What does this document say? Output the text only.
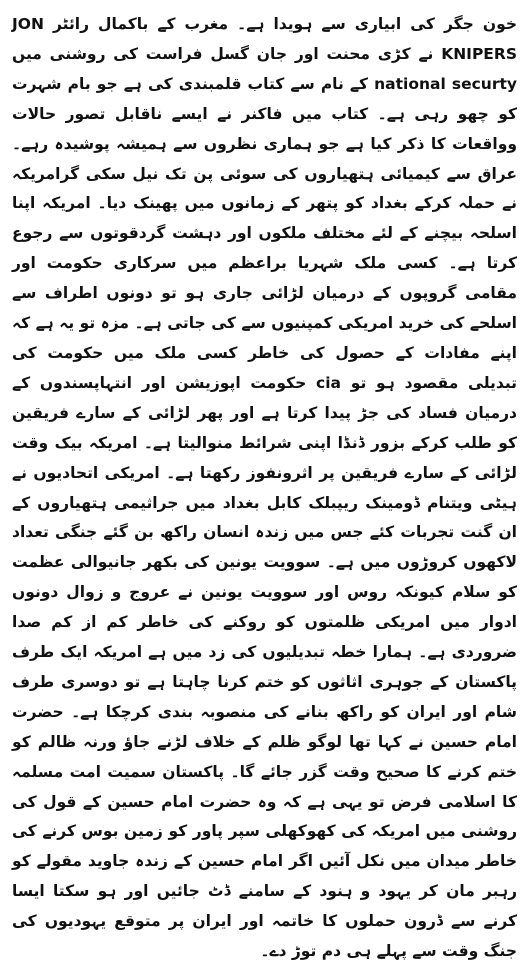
خون جگر کی ابیاری سے ہویدا ہے۔ مغرب کے باکمال رائٹر JON KNIPERS نے کڑی محنت اور جان گسل فراست کی روشنی میں national securty کے نام سے کتاب قلمبندی کی ہے جو بام شہرت کو چھو رہی ہے۔ کتاب میں فاکنر نے ایسے ناقابل تصور حالات وواقعات کا ذکر کیا ہے جو ہماری نظروں سے ہمیشہ پوشیدہ رہے۔ عراق سے کیمیائی ہتھیاروں کی سوئی پن تک نیل سکی گرامریکہ نے حملہ کرکے بغداد کو پتھر کے زمانوں میں پھینک دیا۔ امریکہ اپنا اسلحہ بیچنے کے لئے مختلف ملکوں اور دہشت گردقوتوں سے رجوع کرتا ہے۔ کسی ملک شہریا براعظم میں سرکاری حکومت اور مقامی گروپوں کے درمیان لڑائی جاری ہو تو دونوں اطراف سے اسلحے کی خرید امریکی کمپنیوں سے کی جاتی ہے۔ مزہ تو یہ ہے کہ اپنے مفادات کے حصول کی خاطر کسی ملک میں حکومت کی تبدیلی مقصود ہو تو cia حکومت اپوزیشن اور انتہاپسندوں کے درمیان فساد کی جڑ پیدا کرتا ہے اور پھر لڑائی کے سارے فریقین کو طلب کرکے بزور ڈنڈا اپنی شرائط منوالیتا ہے۔ امریکہ بیک وقت لڑائی کے سارے فریقین پر اثرونفوز رکھتا ہے۔ امریکی اتحادیوں نے ہیٹی ویتنام ڈومینک ریپبلک کابل بغداد میں جراثیمی ہتھیاروں کے ان گنت تجربات کئے جس میں زندہ انسان راکھ بن گئے جنگی تعداد لاکھوں کروڑوں میں ہے۔ سوویت یونین کی بکھر جانیوالی عظمت کو سلام کیونکہ روس اور سوویت یونین نے عروج و زوال دونوں ادوار میں امریکی ظلمتوں کو روکنے کی خاطر کم از کم صدا ضروردی ہے۔ ہمارا خطہ تبدیلیوں کی زد میں ہے امریکہ ایک طرف پاکستان کے جوہری اثاثوں کو ختم کرنا چاہتا ہے تو دوسری طرف شام اور ایران کو راکھ بنانے کی منصوبہ بندی کرچکا ہے۔ حضرت امام حسین نے کہا تھا لوگو ظلم کے خلاف لڑنے جاؤ ورنہ ظالم کو ختم کرنے کا صحیح وقت گزر جائے گا۔ پاکستان سمیت امت مسلمہ کا اسلامی فرض تو یہی ہے کہ وہ حضرت امام حسین کے قول کی روشنی میں امریکہ کی کھوکھلی سپر پاور کو زمین بوس کرنے کی خاطر میدان میں نکل آئیں اگر امام حسین کے زندہ جاوید مقولے کو رہبر مان کر یہود و ہنود کے سامنے ڈٹ جائیں اور ہو سکتا ایسا کرنے سے ڈرون حملوں کا خاتمہ اور ایران پر متوقع یہودیوں کی جنگ وقت سے پہلے ہی دم توڑ دے۔
